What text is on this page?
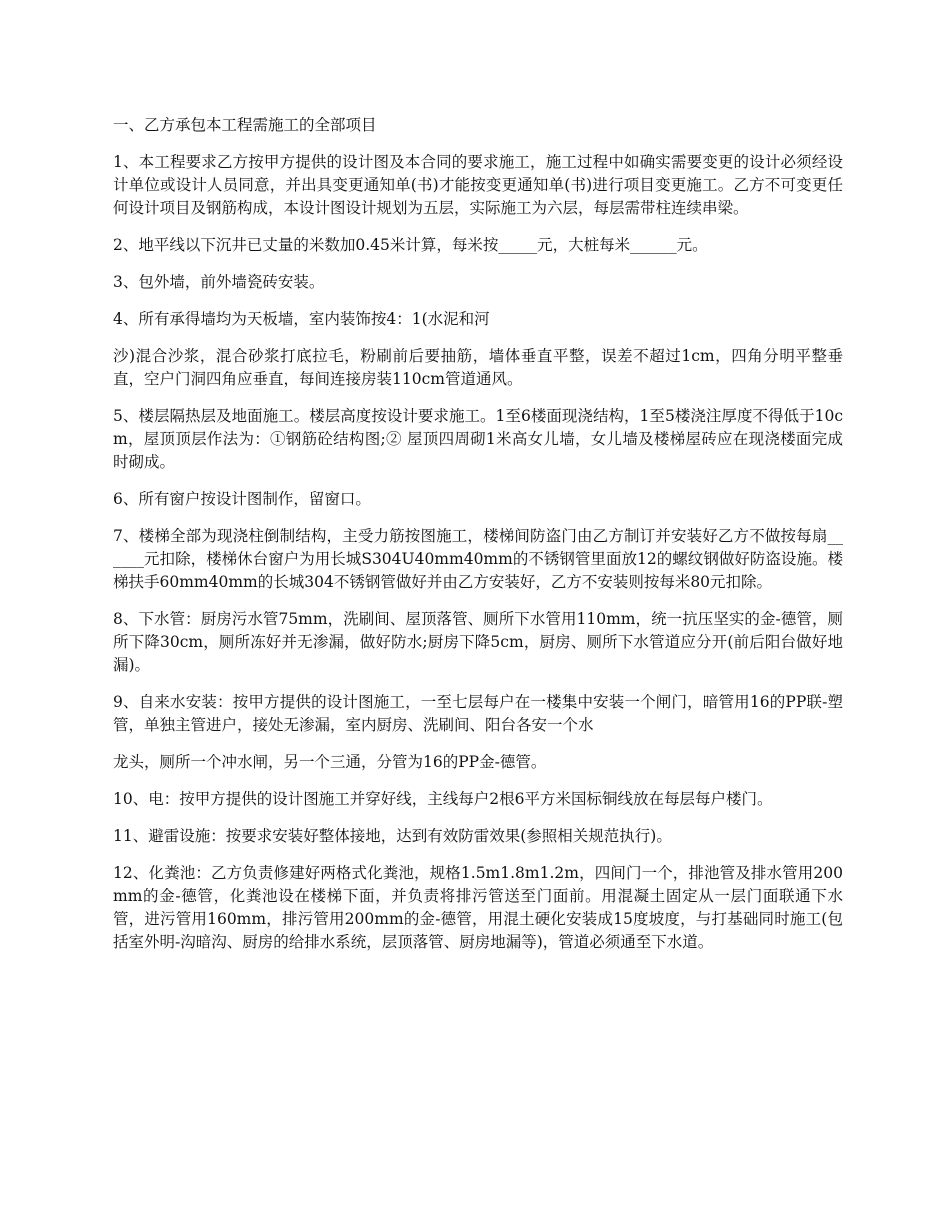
一、乙方承包本工程需施工的全部项目

1、本工程要求乙方按甲方提供的设计图及本合同的要求施工，施工过程中如确实需要变更的设计必须经设计单位或设计人员同意，并出具变更通知单(书)才能按变更通知单(书)进行项目变更施工。乙方不可变更任何设计项目及钢筋构成，本设计图设计规划为五层，实际施工为六层，每层需带柱连续串梁。

2、地平线以下沉井已丈量的米数加0.45米计算，每米按_____元，大桩每米______元。

3、包外墙，前外墙瓷砖安装。

4、所有承得墙均为天板墙，室内装饰按4：1(水泥和河

沙)混合沙浆，混合砂浆打底拉毛，粉刷前后要抽筋，墙体垂直平整，误差不超过1cm，四角分明平整垂直，空户门洞四角应垂直，每间连接房装110cm管道通风。

5、楼层隔热层及地面施工。楼层高度按设计要求施工。1至6楼面现浇结构，1至5楼浇注厚度不得低于10cm，屋顶顶层作法为：①钢筋砼结构图;② 屋顶四周砌1米高女儿墙，女儿墙及楼梯屋砖应在现浇楼面完成时砌成。

6、所有窗户按设计图制作，留窗口。

7、楼梯全部为现浇柱倒制结构，主受力筋按图施工，楼梯间防盗门由乙方制订并安装好乙方不做按每扇______元扣除，楼梯休台窗户为用长城S304U40mm40mm的不锈钢管里面放12的螺纹钢做好防盗设施。楼梯扶手60mm40mm的长城304不锈钢管做好并由乙方安装好，乙方不安装则按每米80元扣除。

8、下水管：厨房污水管75mm，洗刷间、屋顶落管、厕所下水管用110mm，统一抗压坚实的金-德管，厕所下降30cm，厕所冻好并无渗漏，做好防水;厨房下降5cm，厨房、厕所下水管道应分开(前后阳台做好地漏)。

9、自来水安装：按甲方提供的设计图施工，一至七层每户在一楼集中安装一个闸门，暗管用16的PP联-塑管，单独主管进户，接处无渗漏，室内厨房、洗刷间、阳台各安一个水

龙头，厕所一个冲水闸，另一个三通，分管为16的PP金-德管。

10、电：按甲方提供的设计图施工并穿好线，主线每户2根6平方米国标铜线放在每层每户楼门。

11、避雷设施：按要求安装好整体接地，达到有效防雷效果(参照相关规范执行)。

12、化粪池：乙方负责修建好两格式化粪池，规格1.5m1.8m1.2m，四间门一个，排池管及排水管用200mm的金-德管，化粪池设在楼梯下面，并负责将排污管送至门面前。用混凝土固定从一层门面联通下水管，进污管用160mm，排污管用200mm的金-德管，用混土硬化安装成15度坡度，与打基础同时施工(包括室外明-沟暗沟、厨房的给排水系统，层顶落管、厨房地漏等)，管道必须通至下水道。
